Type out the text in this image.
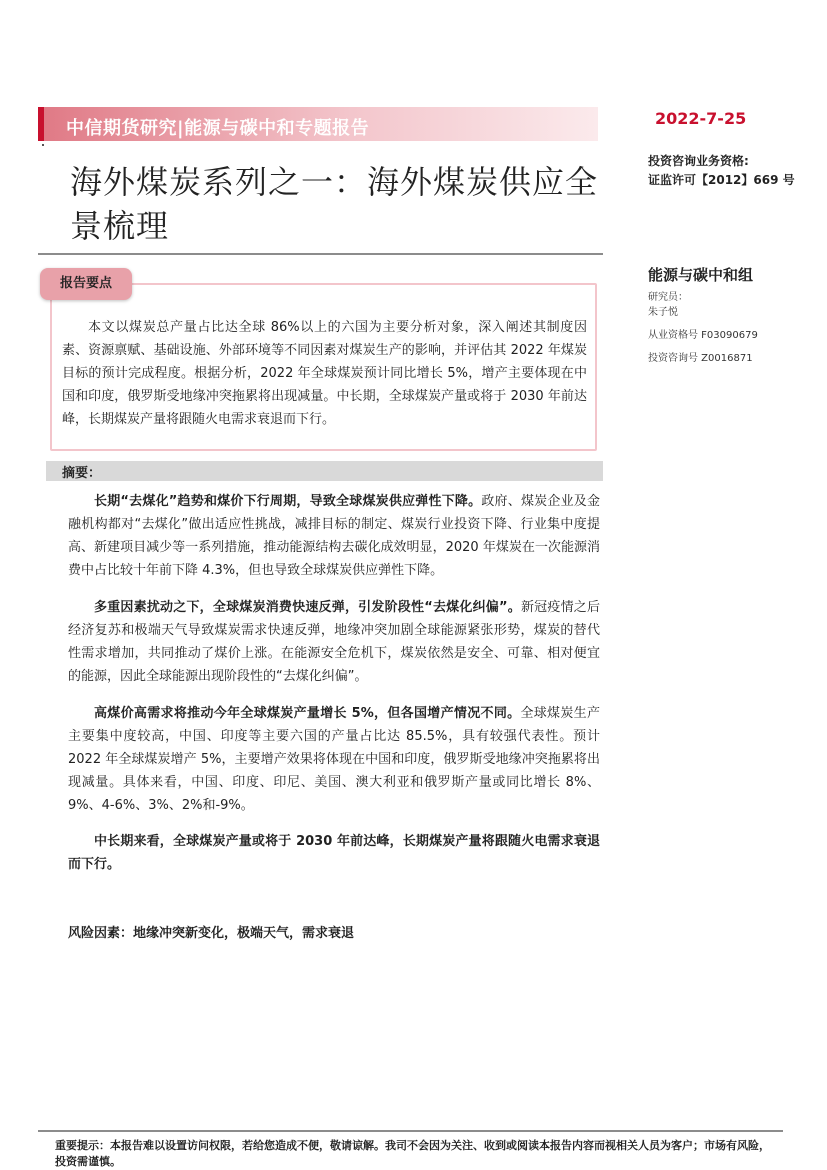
中信期货研究|能源与碳中和专题报告	2022-7-25
投资咨询业务资格:
证监许可【2012】669 号
海外煤炭系列之一：海外煤炭供应全景梳理
能源与碳中和组
研究员：
朱子悦
从业资格号 F03090679
投资咨询号 Z0016871
报告要点
本文以煤炭总产量占比达全球 86%以上的六国为主要分析对象，深入阐述其制度因素、资源禀赋、基础设施、外部环境等不同因素对煤炭生产的影响，并评估其 2022 年煤炭目标的预计完成程度。根据分析，2022 年全球煤炭预计同比增长 5%，增产主要体现在中国和印度，俄罗斯受地缘冲突拖累将出现减量。中长期，全球煤炭产量或将于 2030 年前达峰，长期煤炭产量将跟随火电需求衰退而下行。
摘要：
长期“去煤化”趋势和煤价下行周期，导致全球煤炭供应弹性下降。政府、煤炭企业及金融机构都对“去煤化”做出适应性挑战，减排目标的制定、煤炭行业投资下降、行业集中度提高、新建项目减少等一系列措施，推动能源结构去碳化成效明显，2020 年煤炭在一次能源消费中占比较十年前下降 4.3%，但也导致全球煤炭供应弹性下降。
多重因素扰动之下，全球煤炭消费快速反弹，引发阶段性“去煤化纠偏”。新冠疫情之后经济复苏和极端天气导致煤炭需求快速反弹，地缘冲突加剧全球能源紧张形势，煤炭的替代性需求增加，共同推动了煤价上涨。在能源安全危机下，煤炭依然是安全、可靠、相对便宜的能源，因此全球能源出现阶段性的“去煤化纠偏”。
高煤价高需求将推动今年全球煤炭产量增长 5%，但各国增产情况不同。全球煤炭生产主要集中度较高，中国、印度等主要六国的产量占比达 85.5%，具有较强代表性。预计 2022 年全球煤炭增产 5%，主要增产效果将体现在中国和印度，俄罗斯受地缘冲突拖累将出现减量。具体来看，中国、印度、印尼、美国、澳大利亚和俄罗斯产量或同比增长 8%、9%、4-6%、3%、2%和-9%。
中长期来看，全球煤炭产量或将于 2030 年前达峰，长期煤炭产量将跟随火电需求衰退而下行。
风险因素：地缘冲突新变化，极端天气，需求衰退
重要提示：本报告难以设置访问权限，若给您造成不便，敬请谅解。我司不会因为关注、收到或阅读本报告内容而视相关人员为客户；市场有风险，投资需谨慎。
